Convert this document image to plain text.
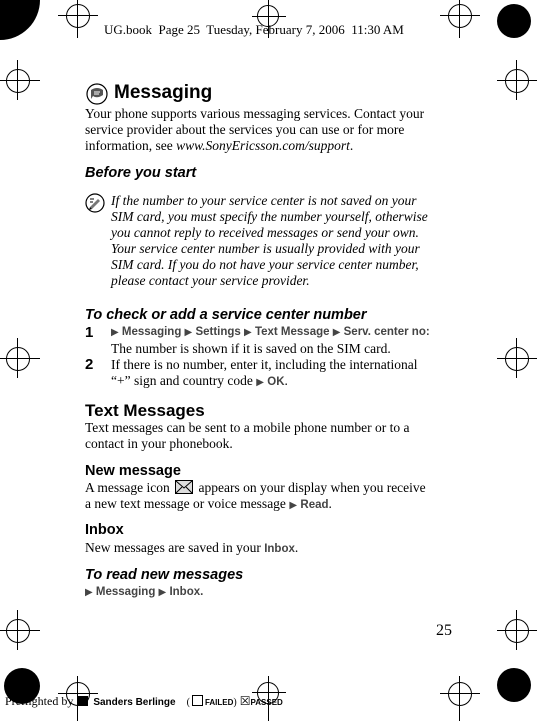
UG.book  Page 25  Tuesday, February 7, 2006  11:30 AM
Messaging
Your phone supports various messaging services. Contact your service provider about the services you can use or for more information, see www.SonyEricsson.com/support.
Before you start
If the number to your service center is not saved on your SIM card, you must specify the number yourself, otherwise you cannot reply to received messages or send your own. Your service center number is usually provided with your SIM card. If you do not have your service center number, please contact your service provider.
To check or add a service center number
1 ▶ Messaging ▶ Settings ▶ Text Message ▶ Serv. center no:
The number is shown if it is saved on the SIM card.
2 If there is no number, enter it, including the international
“+” sign and country code ▶ OK.
Text Messages
Text messages can be sent to a mobile phone number or to a contact in your phonebook.
New message
A message icon appears on your display when you receive
a new text message or voice message ▶ Read.
Inbox
New messages are saved in your Inbox.
To read new messages
▶ Messaging ▶ Inbox.
25
Preflighted by Sanders Berlinge ( FAILED) ☒PASSED
